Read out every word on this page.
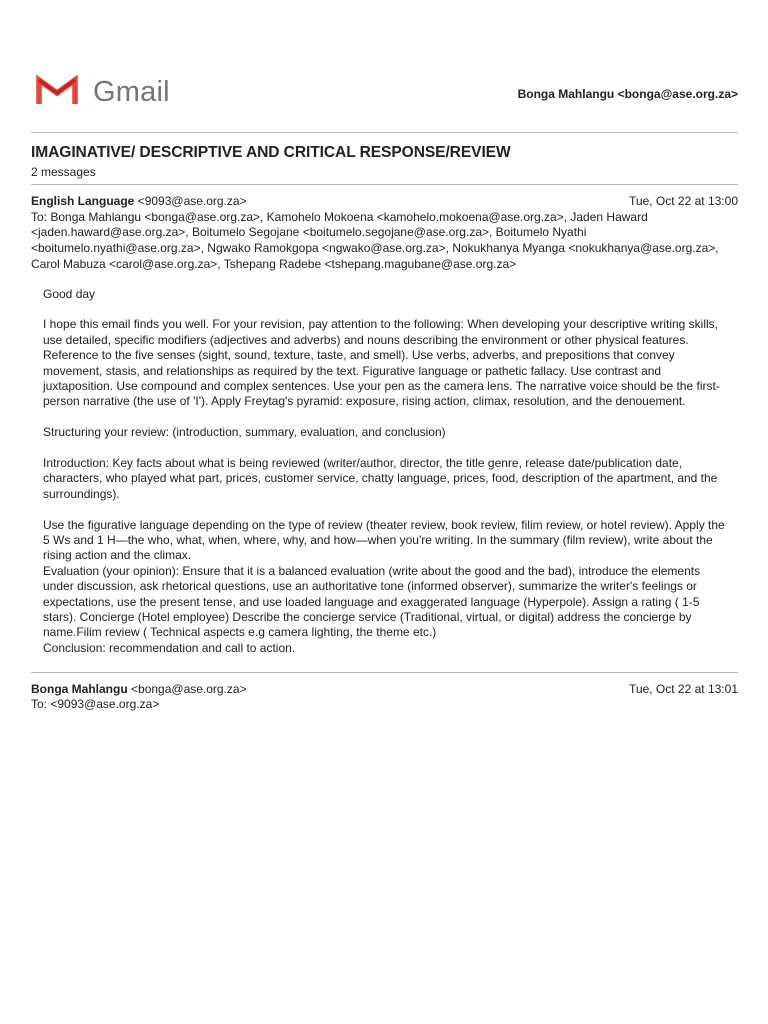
Gmail	Bonga Mahlangu <bonga@ase.org.za>
IMAGINATIVE/ DESCRIPTIVE AND CRITICAL RESPONSE/REVIEW
2 messages
English Language <9093@ase.org.za>	Tue, Oct 22 at 13:00
To: Bonga Mahlangu <bonga@ase.org.za>, Kamohelo Mokoena <kamohelo.mokoena@ase.org.za>, Jaden Haward <jaden.haward@ase.org.za>, Boitumelo Segojane <boitumelo.segojane@ase.org.za>, Boitumelo Nyathi <boitumelo.nyathi@ase.org.za>, Ngwako Ramokgopa <ngwako@ase.org.za>, Nokukhanya Myanga <nokukhanya@ase.org.za>, Carol Mabuza <carol@ase.org.za>, Tshepang Radebe <tshepang.magubane@ase.org.za>

Good day

I hope this email finds you well. For your revision, pay attention to the following: When developing your descriptive writing skills, use detailed, specific modifiers (adjectives and adverbs) and nouns describing the environment or other physical features. Reference to the five senses (sight, sound, texture, taste, and smell). Use verbs, adverbs, and prepositions that convey movement, stasis, and relationships as required by the text. Figurative language or pathetic fallacy. Use contrast and juxtaposition. Use compound and complex sentences. Use your pen as the camera lens. The narrative voice should be the first-person narrative (the use of 'I'). Apply Freytag's pyramid: exposure, rising action, climax, resolution, and the denouement.

Structuring your review: (introduction, summary, evaluation, and conclusion)

Introduction: Key facts about what is being reviewed (writer/author, director, the title genre, release date/publication date, characters, who played what part, prices, customer service, chatty language, prices, food, description of the apartment, and the surroundings).

Use the figurative language depending on the type of review (theater review, book review, filim review, or hotel review). Apply the 5 Ws and 1 H—the who, what, when, where, why, and how—when you're writing. In the summary (film review), write about the rising action and the climax.
Evaluation (your opinion): Ensure that it is a balanced evaluation (write about the good and the bad), introduce the elements under discussion, ask rhetorical questions, use an authoritative tone (informed observer), summarize the writer's feelings or expectations, use the present tense, and use loaded language and exaggerated language (Hyperpole). Assign a rating ( 1-5 stars). Concierge (Hotel employee) Describe the concierge service (Traditional, virtual, or digital) address the concierge by name.Filim review ( Technical aspects e.g camera lighting, the theme etc.)
Conclusion: recommendation and call to action.

Bonga Mahlangu <bonga@ase.org.za>	Tue, Oct 22 at 13:01
To: <9093@ase.org.za>
